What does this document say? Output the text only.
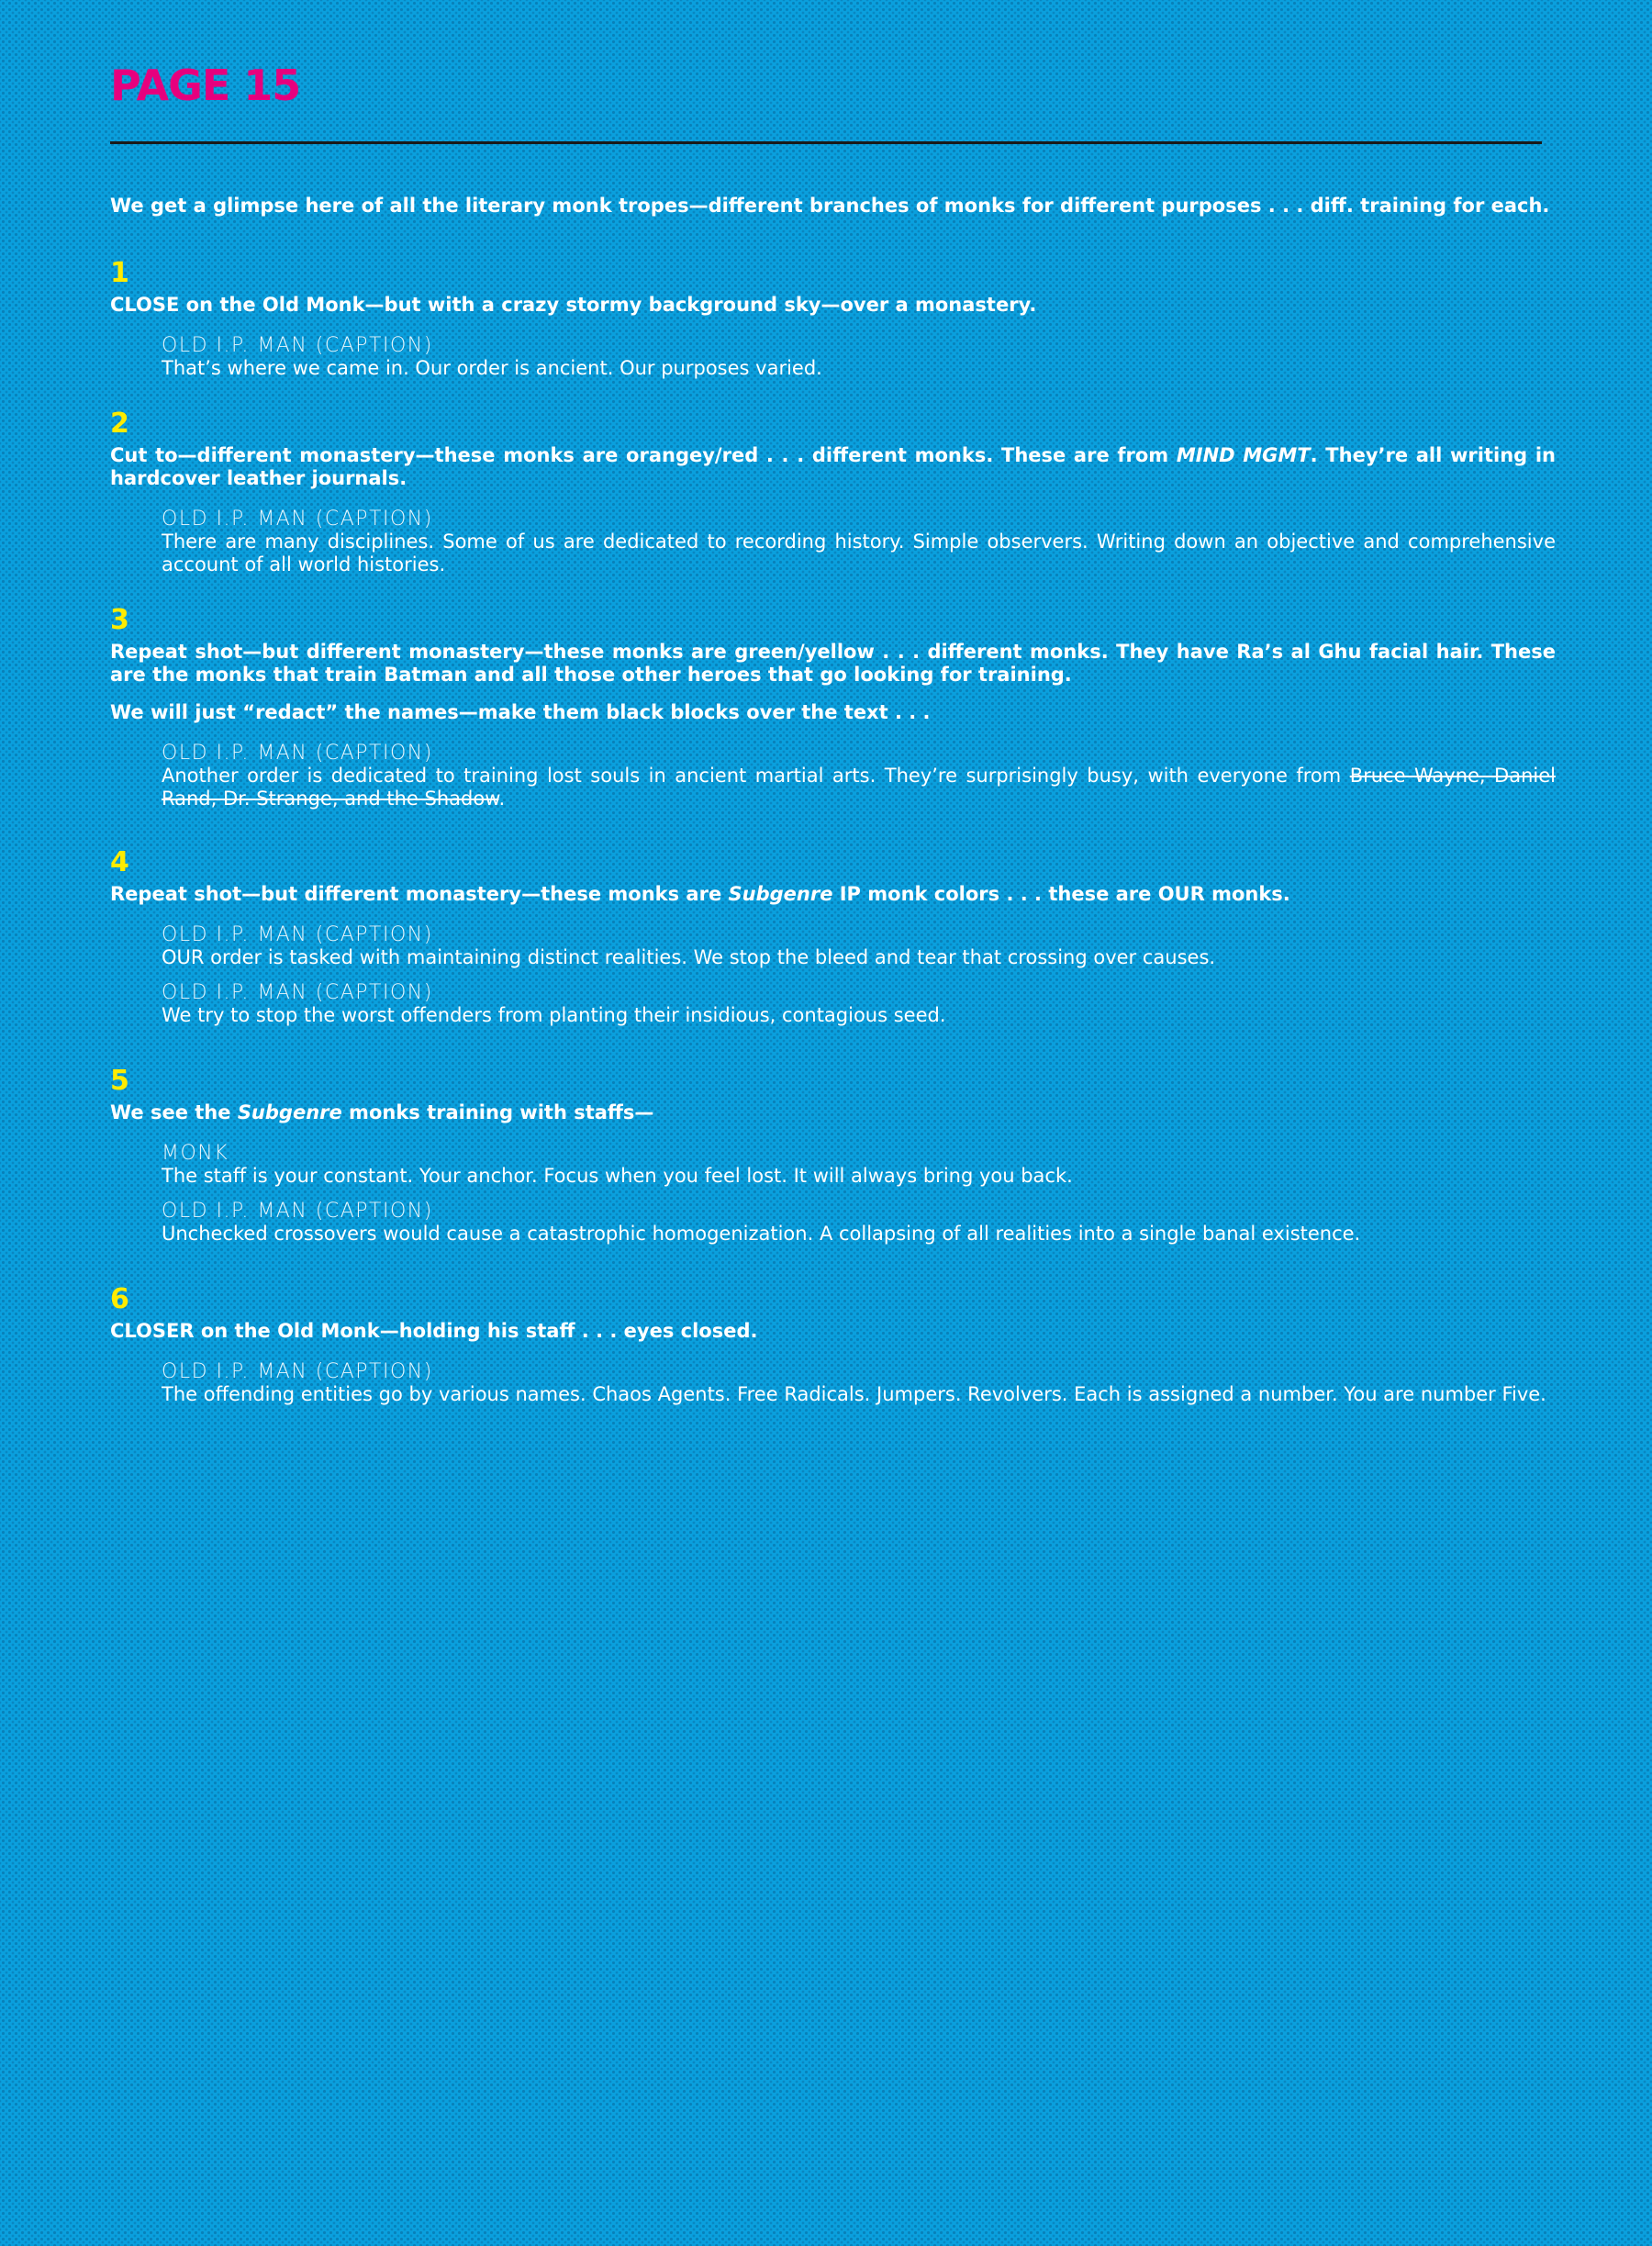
PAGE 15

We get a glimpse here of all the literary monk tropes—different branches of monks for different purposes . . . diff. training for each.

1

CLOSE on the Old Monk—but with a crazy stormy background sky—over a monastery.

OLD I.P. MAN (CAPTION)
That’s where we came in. Our order is ancient. Our purposes varied.
2

Cut to—different monastery—these monks are orangey/red . . . different monks. These are from MIND MGMT. They’re all writing in hardcover leather journals.

OLD I.P. MAN (CAPTION)
There are many disciplines. Some of us are dedicated to recording history. Simple observers. Writing down an objective and comprehensive account of all world histories.
3

Repeat shot—but different monastery—these monks are green/yellow . . . different monks. They have Ra’s al Ghu facial hair. These are the monks that train Batman and all those other heroes that go looking for training.

We will just “redact” the names—make them black blocks over the text . . .

OLD I.P. MAN (CAPTION)
Another order is dedicated to training lost souls in ancient martial arts. They’re surprisingly busy, with everyone from Bruce Wayne, Daniel Rand, Dr. Strange, and the Shadow.
4

Repeat shot—but different monastery—these monks are Subgenre IP monk colors . . . these are OUR monks.

OLD I.P. MAN (CAPTION)
OUR order is tasked with maintaining distinct realities. We stop the bleed and tear that crossing over causes.
OLD I.P. MAN (CAPTION)
We try to stop the worst offenders from planting their insidious, contagious seed.
5

We see the Subgenre monks training with staffs—

MONK
The staff is your constant. Your anchor. Focus when you feel lost. It will always bring you back.
OLD I.P. MAN (CAPTION)
Unchecked crossovers would cause a catastrophic homogenization. A collapsing of all realities into a single banal existence.
6

CLOSER on the Old Monk—holding his staff . . . eyes closed.

OLD I.P. MAN (CAPTION)
The offending entities go by various names. Chaos Agents. Free Radicals. Jumpers. Revolvers. Each is assigned a number. You are number Five.
